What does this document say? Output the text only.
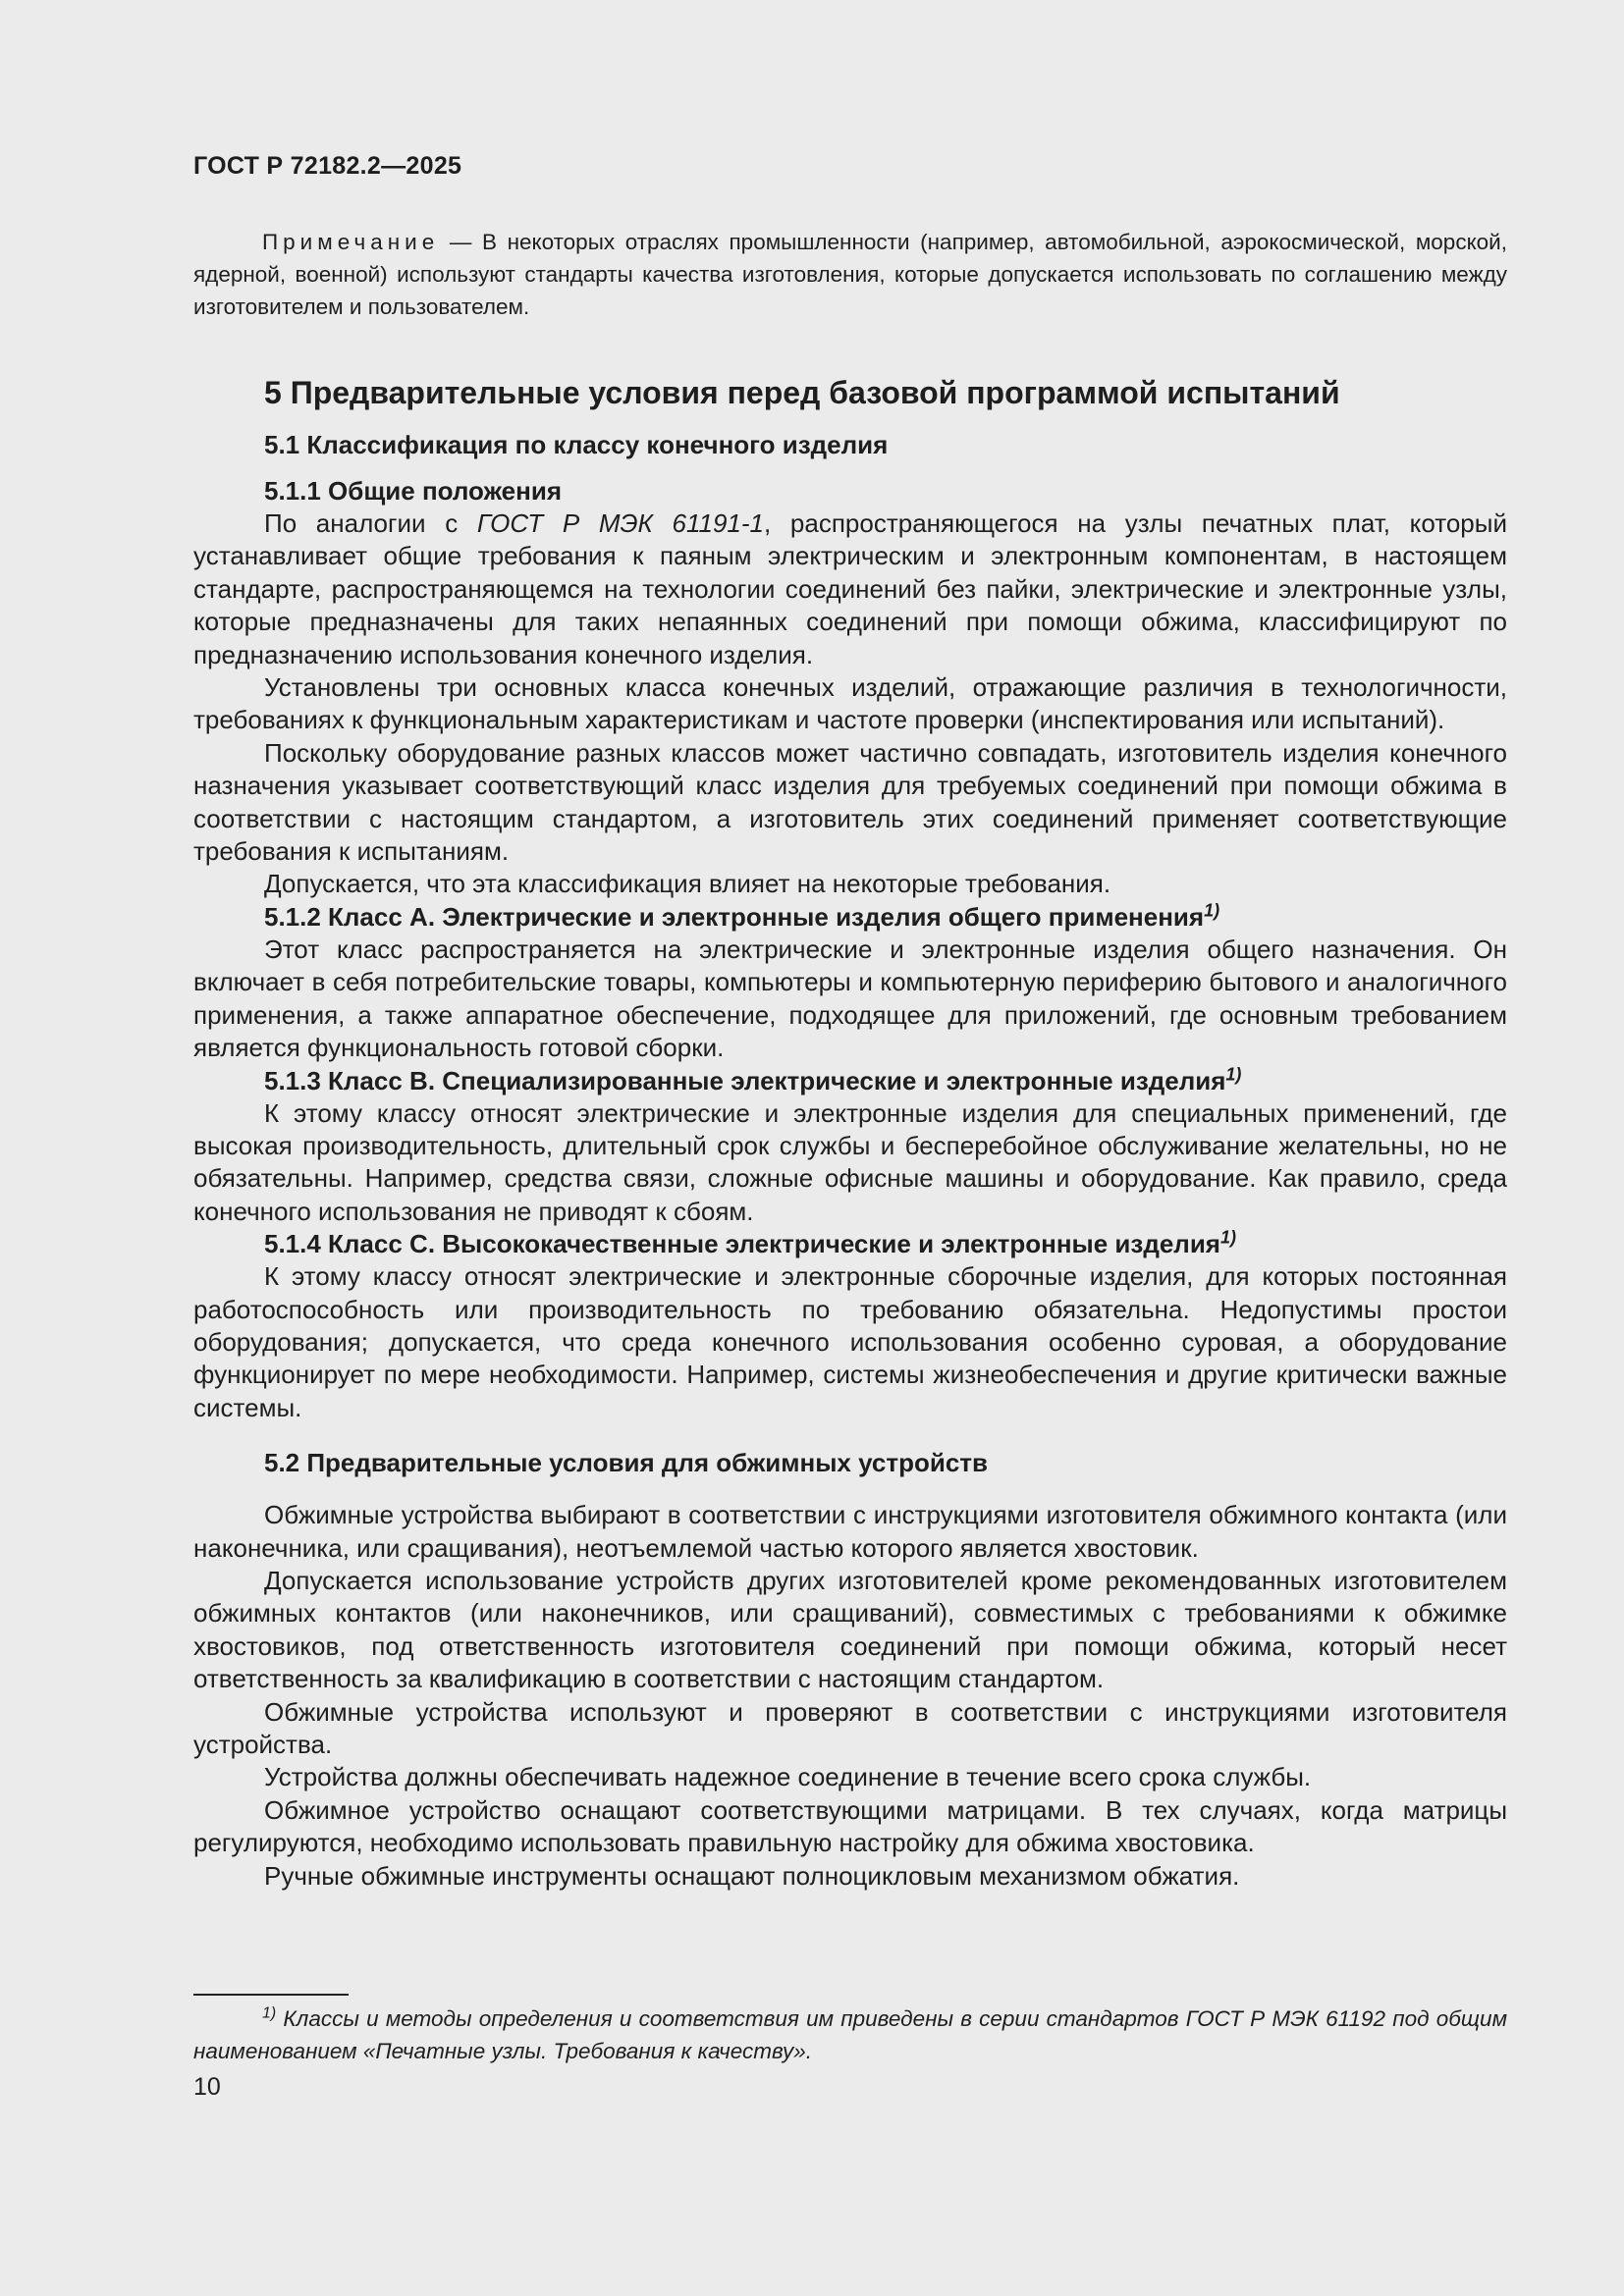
ГОСТ Р 72182.2—2025
Примечание — В некоторых отраслях промышленности (например, автомобильной, аэрокосмической, морской, ядерной, военной) используют стандарты качества изготовления, которые допускается использовать по соглашению между изготовителем и пользователем.
5 Предварительные условия перед базовой программой испытаний
5.1 Классификация по классу конечного изделия
5.1.1 Общие положения

По аналогии с ГОСТ Р МЭК 61191-1, распространяющегося на узлы печатных плат, который устанавливает общие требования к паяным электрическим и электронным компонентам, в настоящем стандарте, распространяющемся на технологии соединений без пайки, электрические и электронные узлы, которые предназначены для таких непаянных соединений при помощи обжима, классифицируют по предназначению использования конечного изделия.

Установлены три основных класса конечных изделий, отражающие различия в технологичности, требованиях к функциональным характеристикам и частоте проверки (инспектирования или испытаний).

Поскольку оборудование разных классов может частично совпадать, изготовитель изделия конечного назначения указывает соответствующий класс изделия для требуемых соединений при помощи обжима в соответствии с настоящим стандартом, а изготовитель этих соединений применяет соответствующие требования к испытаниям.

Допускается, что эта классификация влияет на некоторые требования.

5.1.2 Класс А. Электрические и электронные изделия общего применения$^{1)}$

Этот класс распространяется на электрические и электронные изделия общего назначения. Он включает в себя потребительские товары, компьютеры и компьютерную периферию бытового и аналогичного применения, а также аппаратное обеспечение, подходящее для приложений, где основным требованием является функциональность готовой сборки.

5.1.3 Класс В. Специализированные электрические и электронные изделия$^{1)}$

К этому классу относят электрические и электронные изделия для специальных применений, где высокая производительность, длительный срок службы и бесперебойное обслуживание желательны, но не обязательны. Например, средства связи, сложные офисные машины и оборудование. Как правило, среда конечного использования не приводят к сбоям.

5.1.4 Класс С. Высококачественные электрические и электронные изделия$^{1)}$

К этому классу относят электрические и электронные сборочные изделия, для которых постоянная работоспособность или производительность по требованию обязательна. Недопустимы простои оборудования; допускается, что среда конечного использования особенно суровая, а оборудование функционирует по мере необходимости. Например, системы жизнеобеспечения и другие критически важные системы.

5.2 Предварительные условия для обжимных устройств

Обжимные устройства выбирают в соответствии с инструкциями изготовителя обжимного контакта (или наконечника, или сращивания), неотъемлемой частью которого является хвостовик.

Допускается использование устройств других изготовителей кроме рекомендованных изготовителем обжимных контактов (или наконечников, или сращиваний), совместимых с требованиями к обжимке хвостовиков, под ответственность изготовителя соединений при помощи обжима, который несет ответственность за квалификацию в соответствии с настоящим стандартом.

Обжимные устройства используют и проверяют в соответствии с инструкциями изготовителя устройства.

Устройства должны обеспечивать надежное соединение в течение всего срока службы.

Обжимное устройство оснащают соответствующими матрицами. В тех случаях, когда матрицы регулируются, необходимо использовать правильную настройку для обжима хвостовика.

Ручные обжимные инструменты оснащают полноцикловым механизмом обжатия.

$^{1)}$ Классы и методы определения и соответствия им приведены в серии стандартов ГОСТ Р МЭК 61192 под общим наименованием «Печатные узлы. Требования к качеству».
10
